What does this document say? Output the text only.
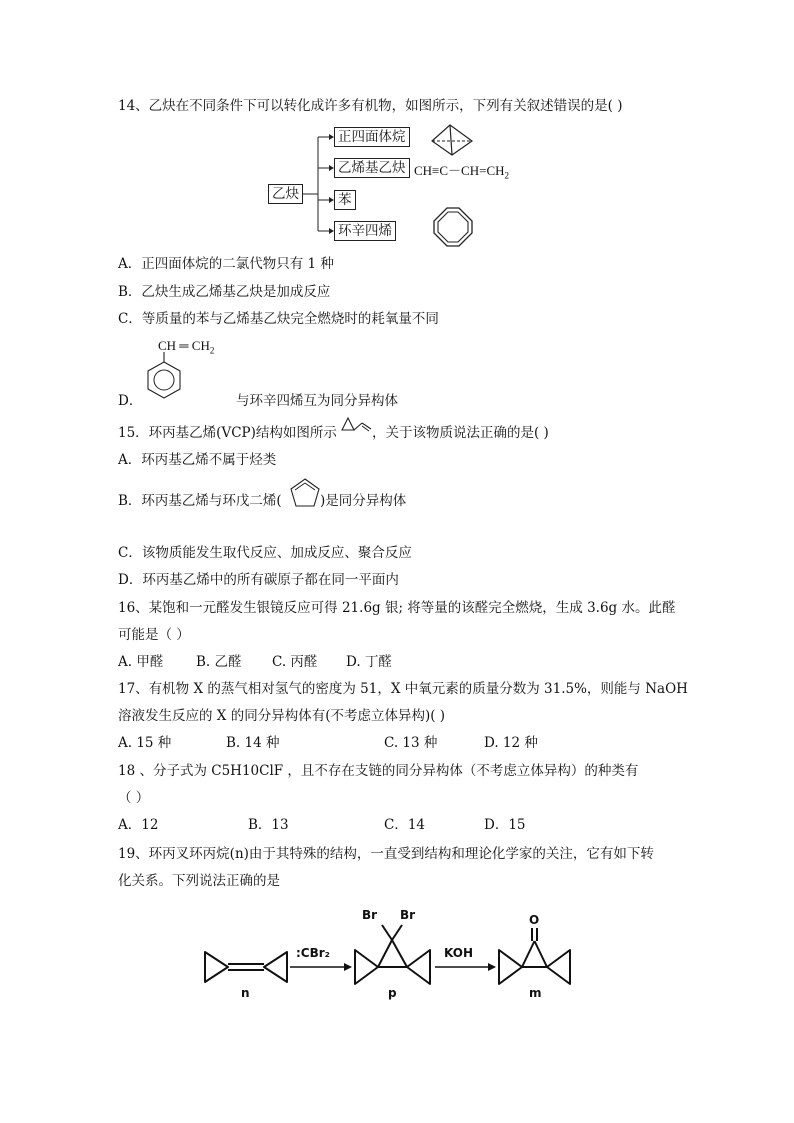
14、乙炔在不同条件下可以转化成许多有机物，如图所示，下列有关叙述错误的是( )
乙炔
正四面体烷
乙烯基乙炔
苯
环辛四烯
$CH\equiv C-CH=CH_2$
A．正四面体烷的二氯代物只有 1 种
B．乙炔生成乙烯基乙炔是加成反应
C．等质量的苯与乙烯基乙炔完全燃烧时的耗氧量不同
CH ═ $CH_2$
D．	与环辛四烯互为同分异构体
15．环丙基乙烯(VCP)结构如图所示	，关于该物质说法正确的是( )
A．环丙基乙烯不属于烃类
B．环丙基乙烯与环戊二烯(	)是同分异构体
C．该物质能发生取代反应、加成反应、聚合反应
D．环丙基乙烯中的所有碳原子都在同一平面内
16、某饱和一元醛发生银镜反应可得 21.6g 银; 将等量的该醛完全燃烧，生成 3.6g 水。此醛
可能是（ ）
A. 甲醛 B. 乙醛 C. 丙醛 D. 丁醛
17、有机物 X 的蒸气相对氢气的密度为 51，X 中氧元素的质量分数为 31.5%，则能与 NaOH
溶液发生反应的 X 的同分异构体有(不考虑立体异构)( )
A. 15 种	B. 14 种	C. 13 种	D. 12 种
18 、分子式为 C5H10ClF ，且不存在支链的同分异构体（不考虑立体异构）的种类有
（ ）
A．12	B．13	C．14	D．15
19、环丙叉环丙烷(n)由于其特殊的结构，一直受到结构和理论化学家的关注，它有如下转
化关系。下列说法正确的是
:CBr₂	KOH
Br Br	O
n	p	m
